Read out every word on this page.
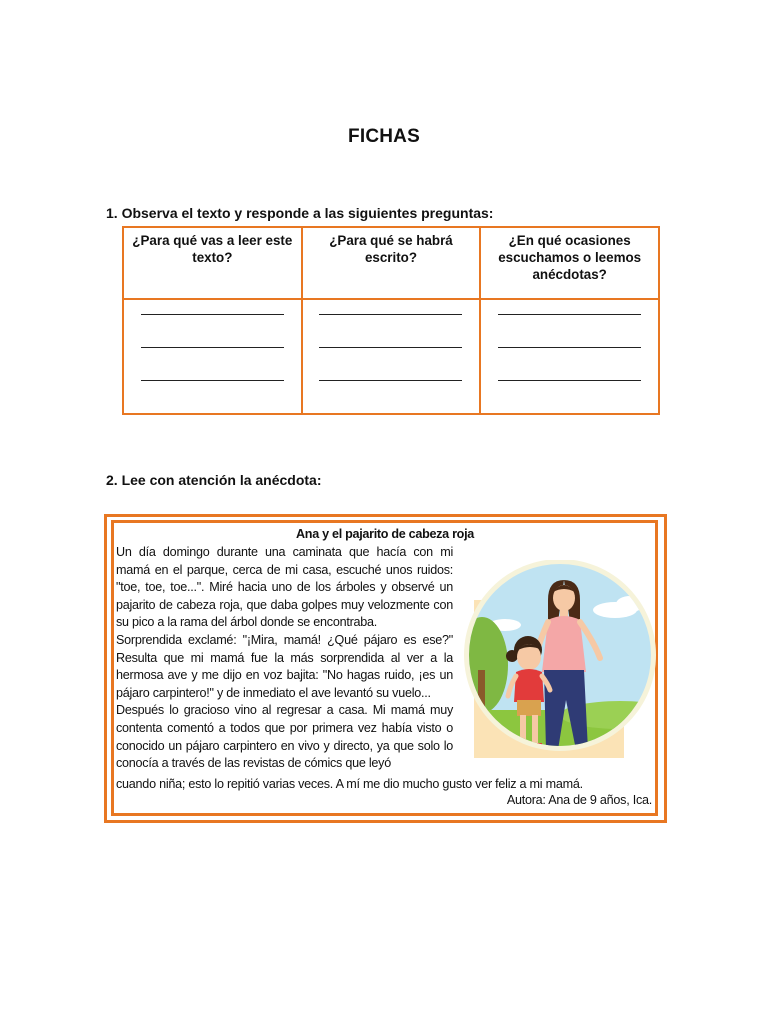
FICHAS
1. Observa el texto y responde a las siguientes preguntas:
¿Para qué vas a leer este texto?	¿Para qué se habrá escrito?	¿En qué ocasiones escuchamos o leemos anécdotas?

2. Lee con atención la anécdota:
Ana y el pajarito de cabeza roja

Un día domingo durante una caminata que hacía con mi mamá en el parque, cerca de mi casa, escuché unos ruidos: "toe, toe, toe...". Miré hacia uno de los árboles y observé un pajarito de cabeza roja, que daba golpes muy velozmente con su pico a la rama del árbol donde se encontraba.

Sorprendida exclamé: "¡Mira, mamá! ¿Qué pájaro es ese?" Resulta que mi mamá fue la más sorprendida al ver a la hermosa ave y me dijo en voz bajita: "No hagas ruido, ¡es un pájaro carpintero!" y de inmediato el ave levantó su vuelo...

Después lo gracioso vino al regresar a casa. Mi mamá muy contenta comentó a todos que por primera vez había visto o conocido un pájaro carpintero en vivo y directo, ya que solo lo conocía a través de las revistas de cómics que leyó

cuando niña; esto lo repitió varias veces. A mí me dio mucho gusto ver feliz a mi mamá.
Autora: Ana de 9 años, Ica.
